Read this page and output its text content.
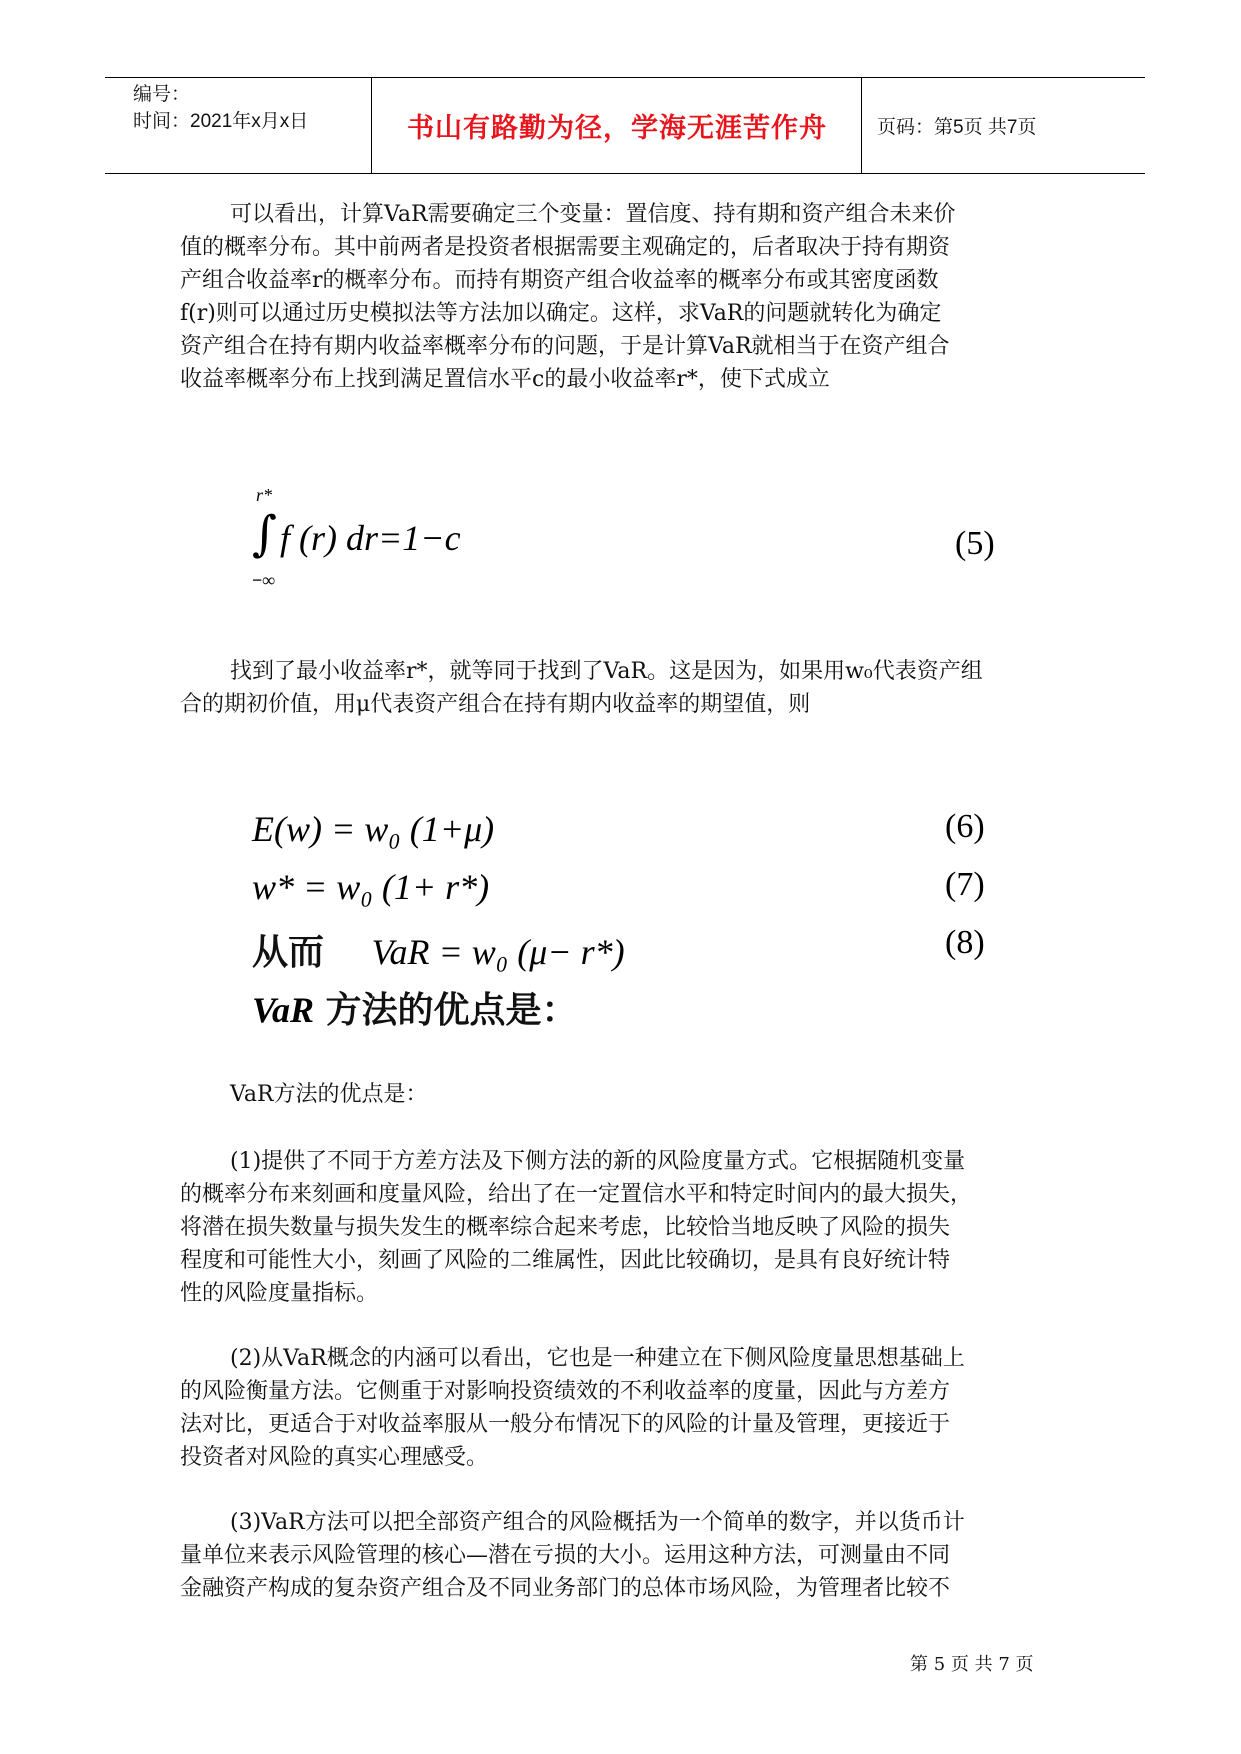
编号：
时间：2021年x月x日	书山有路勤为径，学海无涯苦作舟	页码：第5页 共7页
可以看出，计算VaR需要确定三个变量：置信度、持有期和资产组合未来价
值的概率分布。其中前两者是投资者根据需要主观确定的，后者取决于持有期资
产组合收益率r的概率分布。而持有期资产组合收益率的概率分布或其密度函数
f(r)则可以通过历史模拟法等方法加以确定。这样，求VaR的问题就转化为确定
资产组合在持有期内收益率概率分布的问题，于是计算VaR就相当于在资产组合
收益率概率分布上找到满足置信水平c的最小收益率r*，使下式成立
r*
∫
−∞
f (r) dr=1−c	(5)
找到了最小收益率r*，就等同于找到了VaR。这是因为，如果用w₀代表资产组
合的期初价值，用μ代表资产组合在持有期内收益率的期望值，则
E(w) = w₀ (1+μ)	(6)
w* = w₀ (1+ r*)	(7)
从而 VaR = w₀ (μ− r*)	(8)
VaR 方法的优点是：
VaR方法的优点是：
(1)提供了不同于方差方法及下侧方法的新的风险度量方式。它根据随机变量
的概率分布来刻画和度量风险，给出了在一定置信水平和特定时间内的最大损失，
将潜在损失数量与损失发生的概率综合起来考虑，比较恰当地反映了风险的损失
程度和可能性大小，刻画了风险的二维属性，因此比较确切，是具有良好统计特
性的风险度量指标。
(2)从VaR概念的内涵可以看出，它也是一种建立在下侧风险度量思想基础上
的风险衡量方法。它侧重于对影响投资绩效的不利收益率的度量，因此与方差方
法对比，更适合于对收益率服从一般分布情况下的风险的计量及管理，更接近于
投资者对风险的真实心理感受。
(3)VaR方法可以把全部资产组合的风险概括为一个简单的数字，并以货币计
量单位来表示风险管理的核心—潜在亏损的大小。运用这种方法，可测量由不同
金融资产构成的复杂资产组合及不同业务部门的总体市场风险，为管理者比较不
第 5 页 共 7 页
